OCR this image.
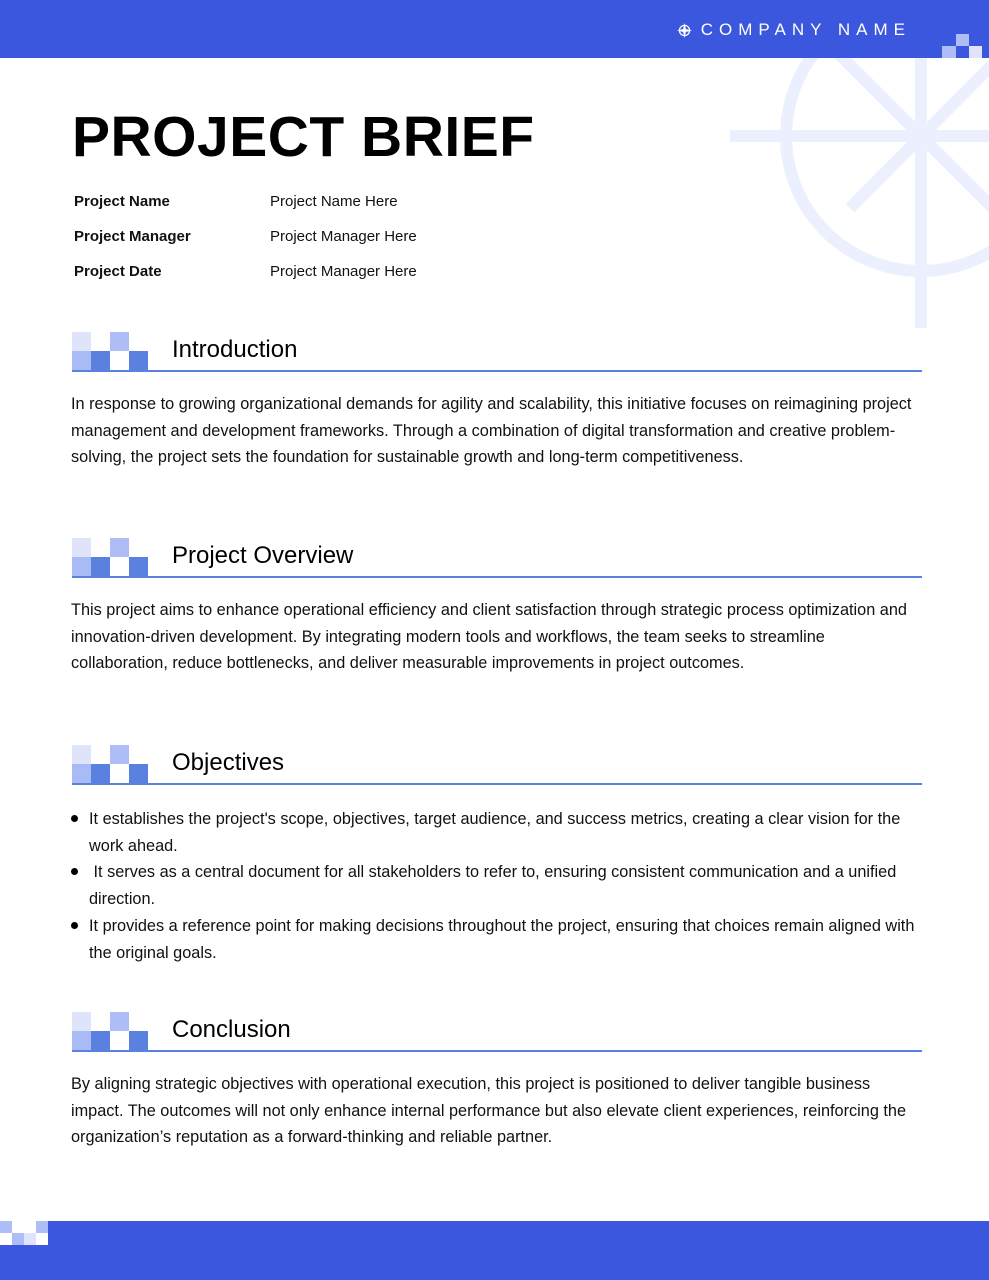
COMPANY NAME
PROJECT BRIEF
Project Name	Project Name Here
Project Manager	Project Manager Here
Project Date	Project Manager Here
Introduction

In response to growing organizational demands for agility and scalability, this initiative focuses on reimagining project management and development frameworks. Through a combination of digital transformation and creative problem-solving, the project sets the foundation for sustainable growth and long-term competitiveness.

Project Overview

This project aims to enhance operational efficiency and client satisfaction through strategic process optimization and innovation-driven development. By integrating modern tools and workflows, the team seeks to streamline collaboration, reduce bottlenecks, and deliver measurable improvements in project outcomes.

Objectives
It establishes the project's scope, objectives, target audience, and success metrics, creating a clear vision for the work ahead.
It serves as a central document for all stakeholders to refer to, ensuring consistent communication and a unified direction.
It provides a reference point for making decisions throughout the project, ensuring that choices remain aligned with the original goals.
Conclusion

By aligning strategic objectives with operational execution, this project is positioned to deliver tangible business impact. The outcomes will not only enhance internal performance but also elevate client experiences, reinforcing the organization’s reputation as a forward-thinking and reliable partner.
